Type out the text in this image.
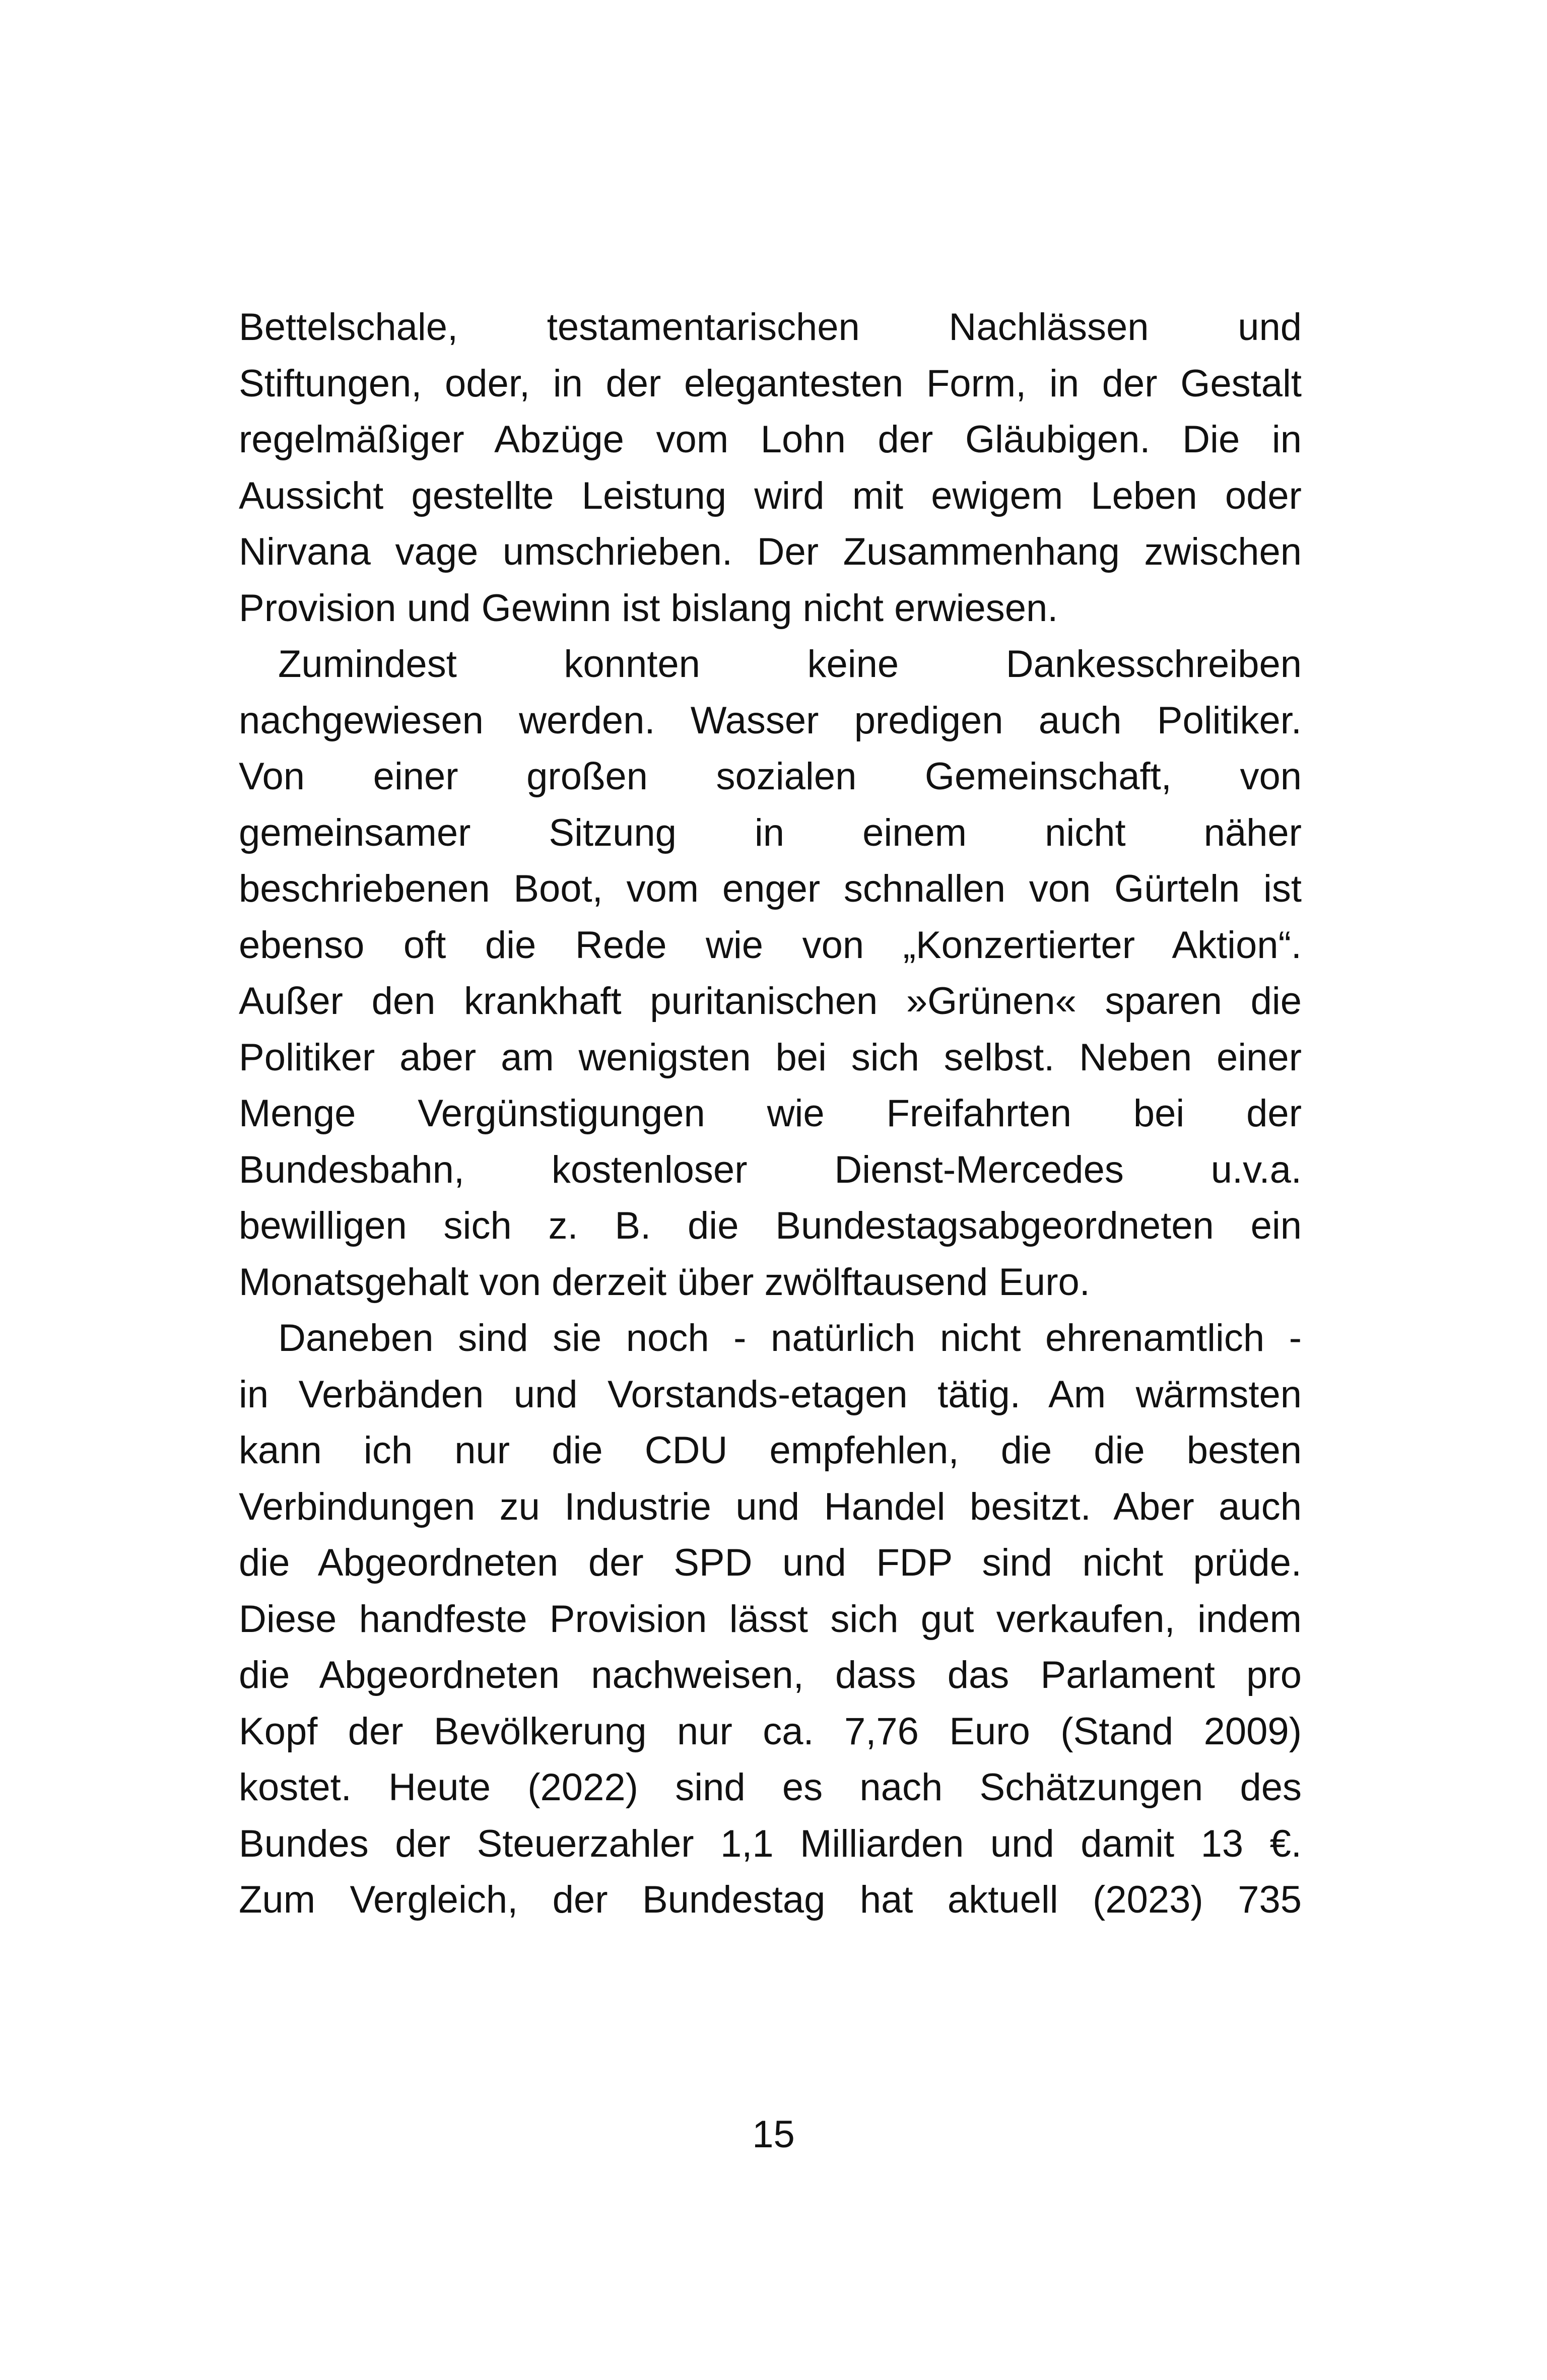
Bettelschale, testamentarischen Nachlässen und
Stiftungen, oder, in der elegantesten Form, in der Gestalt
regelmäßiger Abzüge vom Lohn der Gläubigen. Die in
Aussicht gestellte Leistung wird mit ewigem Leben oder
Nirvana vage umschrieben. Der Zusammenhang zwischen
Provision und Gewinn ist bislang nicht erwiesen.
Zumindest konnten keine Dankesschreiben
nachgewiesen werden. Wasser predigen auch Politiker.
Von einer großen sozialen Gemeinschaft, von
gemeinsamer Sitzung in einem nicht näher
beschriebenen Boot, vom enger schnallen von Gürteln ist
ebenso oft die Rede wie von „Konzertierter Aktion“.
Außer den krankhaft puritanischen »Grünen« sparen die
Politiker aber am wenigsten bei sich selbst. Neben einer
Menge Vergünstigungen wie Freifahrten bei der
Bundesbahn, kostenloser Dienst-Mercedes u.v.a.
bewilligen sich z. B. die Bundestagsabgeordneten ein
Monatsgehalt von derzeit über zwölftausend Euro.
Daneben sind sie noch - natürlich nicht ehrenamtlich -
in Verbänden und Vorstands-etagen tätig. Am wärmsten
kann ich nur die CDU empfehlen, die die besten
Verbindungen zu Industrie und Handel besitzt. Aber auch
die Abgeordneten der SPD und FDP sind nicht prüde.
Diese handfeste Provision lässt sich gut verkaufen, indem
die Abgeordneten nachweisen, dass das Parlament pro
Kopf der Bevölkerung nur ca. 7,76 Euro (Stand 2009)
kostet. Heute (2022) sind es nach Schätzungen des
Bundes der Steuerzahler 1,1 Milliarden und damit 13 €.
Zum Vergleich, der Bundestag hat aktuell (2023) 735
15
